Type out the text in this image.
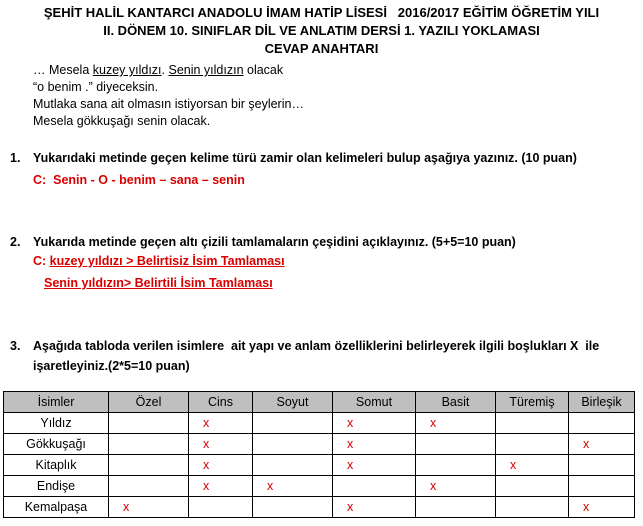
ŞEHİT HALİL KANTARCI ANADOLU İMAM HATİP LİSESİ   2016/2017 EĞİTİM ÖĞRETİM YILI
II. DÖNEM 10. SINIFLAR DİL VE ANLATIM DERSİ 1. YAZILI YOKLAMASI
CEVAP ANAHTARI
… Mesela kuzey yıldızı. Senin yıldızın olacak
“o benim .” diyeceksin.
Mutlaka sana ait olmasın istiyorsan bir şeylerin…
Mesela gökkuşağı senin olacak.
1. Yukarıdaki metinde geçen kelime türü zamir olan kelimeleri bulup aşağıya yazınız. (10 puan)
C:  Senin - O - benim – sana – senin
2. Yukarıda metinde geçen altı çizili tamlamaların çeşidini açıklayınız. (5+5=10 puan)
C: kuzey yıldızı > Belirtisiz İsim Tamlaması
Senin yıldızın> Belirtili İsim Tamlaması
3. Aşağıda tabloda verilen isimlere  ait yapı ve anlam özelliklerini belirleyerek ilgili boşlukları X  ile
işaretleyiniz.(2*5=10 puan)
İsimler	Özel	Cins	Soyut	Somut	Basit	Türemiş	Birleşik
Yıldız		x		x	x		
Gökkuşağı		x		x			x
Kitaplık		x		x		x	
Endişe		x	x		x		
Kemalpaşa	x			x			x
